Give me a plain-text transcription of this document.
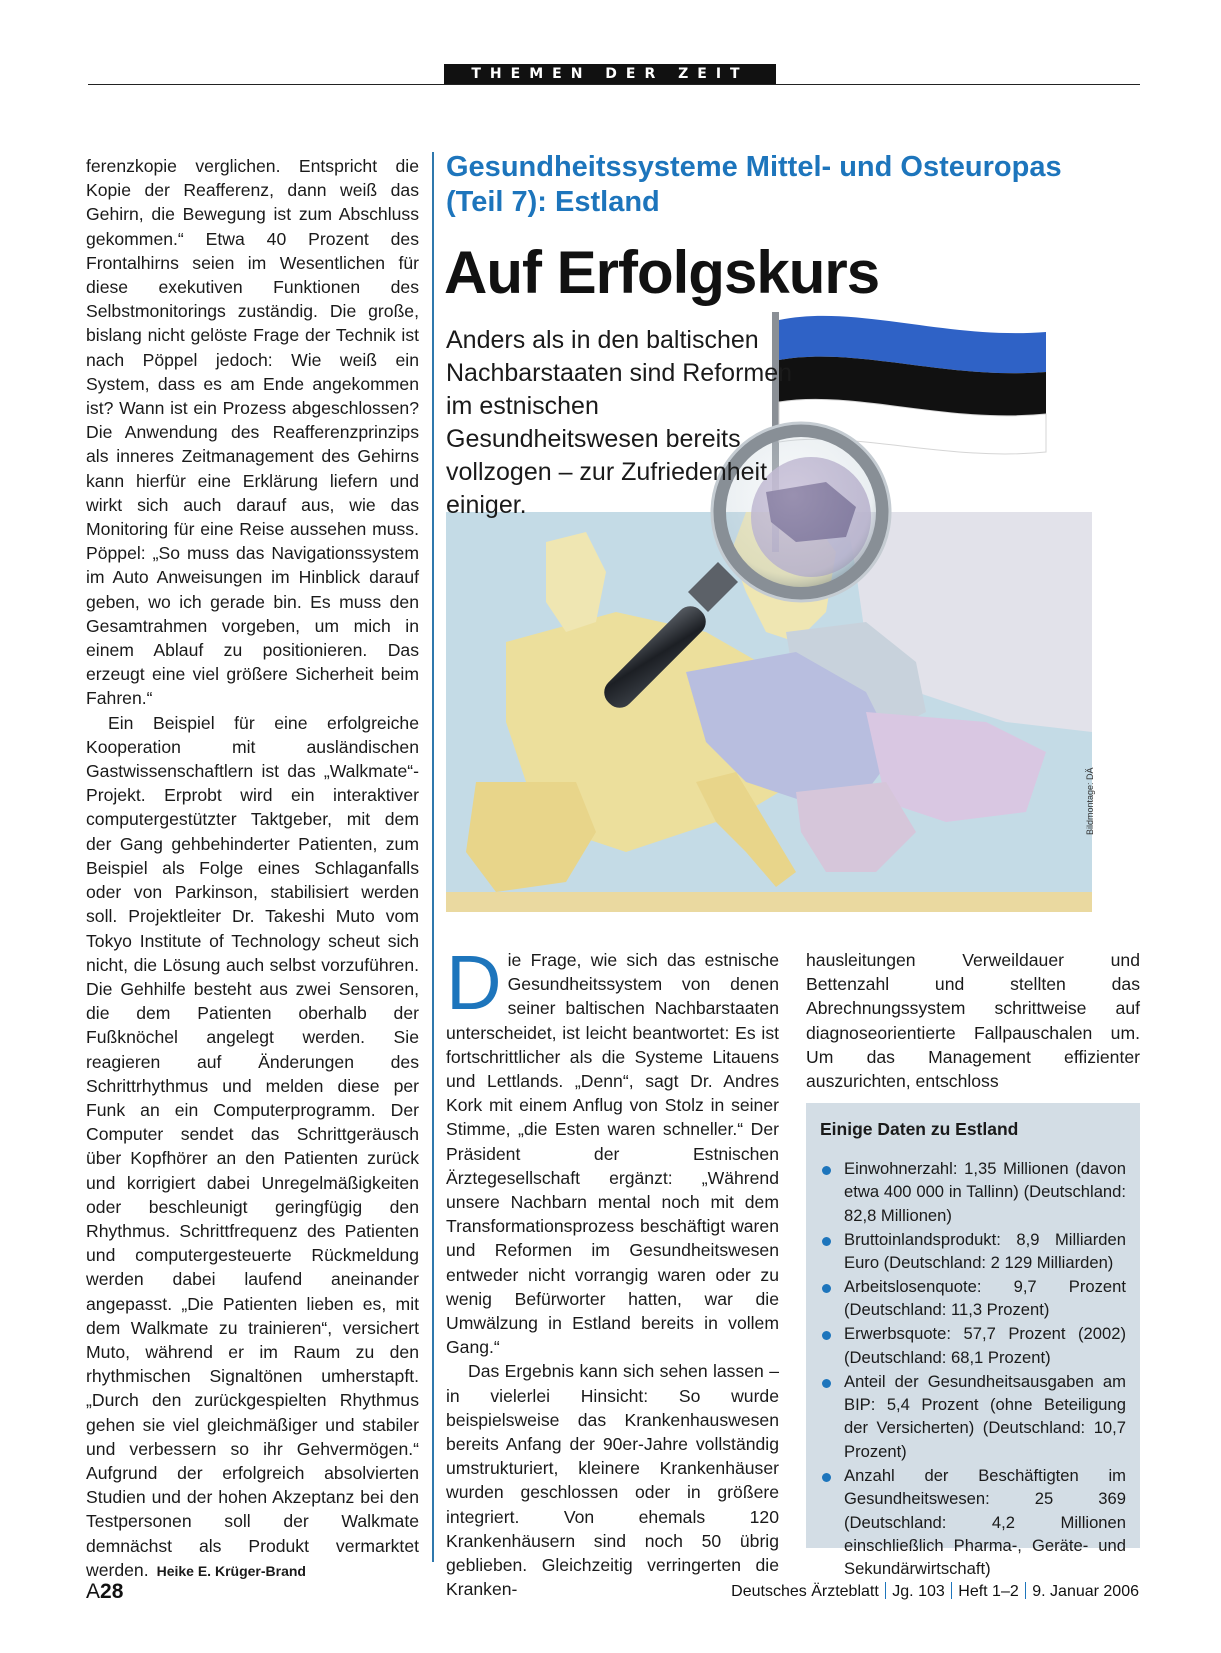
THEMEN DER ZEIT

ferenzkopie verglichen. Entspricht die Kopie der Reafferenz, dann weiß das Gehirn, die Bewegung ist zum Abschluss gekommen.“ Etwa 40 Prozent des Frontalhirns seien im Wesentlichen für diese exekutiven Funktionen des Selbstmonitorings zuständig. Die große, bislang nicht gelöste Frage der Technik ist nach Pöppel jedoch: Wie weiß ein System, dass es am Ende angekommen ist? Wann ist ein Prozess abgeschlossen? Die Anwendung des Reafferenzprinzips als inneres Zeitmanagement des Gehirns kann hierfür eine Erklärung liefern und wirkt sich auch darauf aus, wie das Monitoring für eine Reise aussehen muss. Pöppel: „So muss das Navigationssystem im Auto Anweisungen im Hinblick darauf geben, wo ich gerade bin. Es muss den Gesamtrahmen vorgeben, um mich in einem Ablauf zu positionieren. Das erzeugt eine viel größere Sicherheit beim Fahren.“

Ein Beispiel für eine erfolgreiche Kooperation mit ausländischen Gastwissenschaftlern ist das „Walkmate“-Projekt. Erprobt wird ein interaktiver computergestützter Taktgeber, mit dem der Gang gehbehinderter Patienten, zum Beispiel als Folge eines Schlaganfalls oder von Parkinson, stabilisiert werden soll. Projektleiter Dr. Takeshi Muto vom Tokyo Institute of Technology scheut sich nicht, die Lösung auch selbst vorzuführen. Die Gehhilfe besteht aus zwei Sensoren, die dem Patienten oberhalb der Fußknöchel angelegt werden. Sie reagieren auf Änderungen des Schrittrhythmus und melden diese per Funk an ein Computerprogramm. Der Computer sendet das Schrittgeräusch über Kopfhörer an den Patienten zurück und korrigiert dabei Unregelmäßigkeiten oder beschleunigt geringfügig den Rhythmus. Schrittfrequenz des Patienten und computergesteuerte Rückmeldung werden dabei laufend aneinander angepasst. „Die Patienten lieben es, mit dem Walkmate zu trainieren“, versichert Muto, während er im Raum zu den rhythmischen Signaltönen umherstapft. „Durch den zurückgespielten Rhythmus gehen sie viel gleichmäßiger und stabiler und verbessern so ihr Gehvermögen.“ Aufgrund der erfolgreich absolvierten Studien und der hohen Akzeptanz bei den Testpersonen soll der Walkmate demnächst als Produkt vermarktet werden. Heike E. Krüger-Brand

Gesundheitssysteme Mittel- und Osteuropas (Teil 7): Estland
Auf Erfolgskurs

Anders als in den baltischen Nachbarstaaten sind Reformen im estnischen Gesundheitswesen bereits vollzogen – zur Zufriedenheit einiger.

Bildmontage: DÄ

Die Frage, wie sich das estnische Gesundheitssystem von denen seiner baltischen Nachbarstaaten unterscheidet, ist leicht beantwortet: Es ist fortschrittlicher als die Systeme Litauens und Lettlands. „Denn“, sagt Dr. Andres Kork mit einem Anflug von Stolz in seiner Stimme, „die Esten waren schneller.“ Der Präsident der Estnischen Ärztegesellschaft ergänzt: „Während unsere Nachbarn mental noch mit dem Transformationsprozess beschäftigt waren und Reformen im Gesundheitswesen entweder nicht vorrangig waren oder zu wenig Befürworter hatten, war die Umwälzung in Estland bereits in vollem Gang.“

Das Ergebnis kann sich sehen lassen – in vielerlei Hinsicht: So wurde beispielsweise das Krankenhauswesen bereits Anfang der 90er-Jahre vollständig umstrukturiert, kleinere Krankenhäuser wurden geschlossen oder in größere integriert. Von ehemals 120 Krankenhäusern sind noch 50 übrig geblieben. Gleichzeitig verringerten die Kranken-

hausleitungen Verweildauer und Bettenzahl und stellten das Abrechnungssystem schrittweise auf diagnoseorientierte Fallpauschalen um. Um das Management effizienter auszurichten, entschloss

Einige Daten zu Estland
Einwohnerzahl: 1,35 Millionen (davon etwa 400 000 in Tallinn) (Deutschland: 82,8 Millionen)
Bruttoinlandsprodukt: 8,9 Milliarden Euro (Deutschland: 2 129 Milliarden)
Arbeitslosenquote: 9,7 Prozent (Deutschland: 11,3 Prozent)
Erwerbsquote: 57,7 Prozent (2002) (Deutschland: 68,1 Prozent)
Anteil der Gesundheitsausgaben am BIP: 5,4 Prozent (ohne Beteiligung der Versicherten) (Deutschland: 10,7 Prozent)
Anzahl der Beschäftigten im Gesundheitswesen: 25 369 (Deutschland: 4,2 Millionen einschließlich Pharma-, Geräte- und Sekundärwirtschaft)
A28	Deutsches Ärzteblatt Jg. 103 Heft 1–2 9. Januar 2006
